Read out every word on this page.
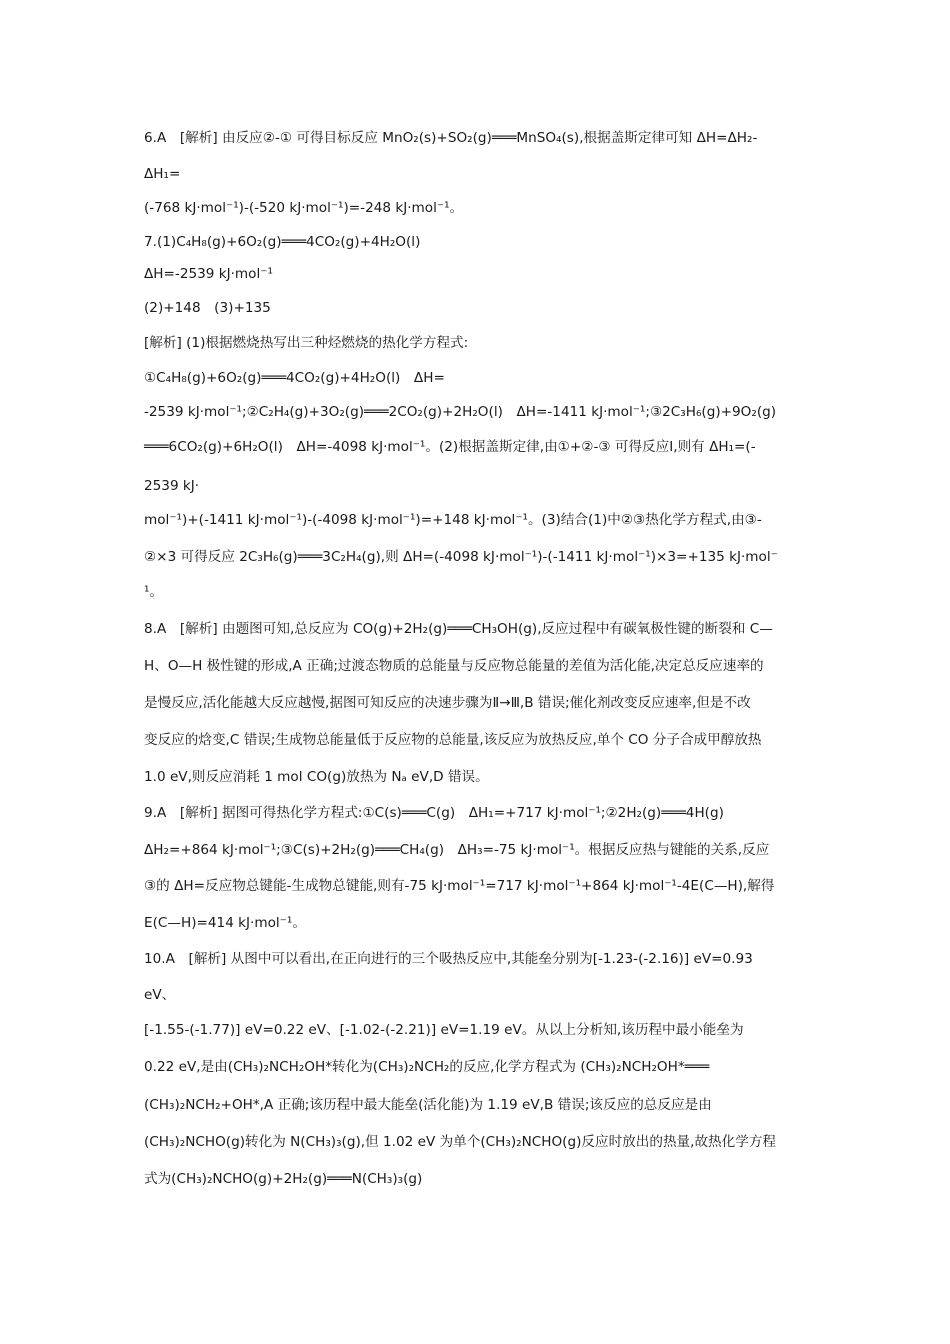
6.A　[解析] 由反应②-① 可得目标反应 MnO₂(s)+SO₂(g)═══MnSO₄(s),根据盖斯定律可知 ΔH=ΔH₂-
ΔH₁=
(-768 kJ·mol⁻¹)-(-520 kJ·mol⁻¹)=-248 kJ·mol⁻¹。
7.(1)C₄H₈(g)+6O₂(g)═══4CO₂(g)+4H₂O(l)
ΔH=-2539 kJ·mol⁻¹
(2)+148　(3)+135
[解析] (1)根据燃烧热写出三种烃燃烧的热化学方程式:
①C₄H₈(g)+6O₂(g)═══4CO₂(g)+4H₂O(l)　ΔH=
-2539 kJ·mol⁻¹;②C₂H₄(g)+3O₂(g)═══2CO₂(g)+2H₂O(l)　ΔH=-1411 kJ·mol⁻¹;③2C₃H₆(g)+9O₂(g)
═══6CO₂(g)+6H₂O(l)　ΔH=-4098 kJ·mol⁻¹。(2)根据盖斯定律,由①+②-③ 可得反应Ⅰ,则有 ΔH₁=(-
2539 kJ·
mol⁻¹)+(-1411 kJ·mol⁻¹)-(-4098 kJ·mol⁻¹)=+148 kJ·mol⁻¹。(3)结合(1)中②③热化学方程式,由③-
②×3 可得反应 2C₃H₆(g)═══3C₂H₄(g),则 ΔH=(-4098 kJ·mol⁻¹)-(-1411 kJ·mol⁻¹)×3=+135 kJ·mol⁻
¹。
8.A　[解析] 由题图可知,总反应为 CO(g)+2H₂(g)═══CH₃OH(g),反应过程中有碳氧极性键的断裂和 C—
H、O—H 极性键的形成,A 正确;过渡态物质的总能量与反应物总能量的差值为活化能,决定总反应速率的
是慢反应,活化能越大反应越慢,据图可知反应的决速步骤为Ⅱ→Ⅲ,B 错误;催化剂改变反应速率,但是不改
变反应的焓变,C 错误;生成物总能量低于反应物的总能量,该反应为放热反应,单个 CO 分子合成甲醇放热
1.0 eV,则反应消耗 1 mol CO(g)放热为 Nₐ eV,D 错误。
9.A　[解析] 据图可得热化学方程式:①C(s)═══C(g)　ΔH₁=+717 kJ·mol⁻¹;②2H₂(g)═══4H(g)
ΔH₂=+864 kJ·mol⁻¹;③C(s)+2H₂(g)═══CH₄(g)　ΔH₃=-75 kJ·mol⁻¹。根据反应热与键能的关系,反应
③的 ΔH=反应物总键能-生成物总键能,则有-75 kJ·mol⁻¹=717 kJ·mol⁻¹+864 kJ·mol⁻¹-4E(C—H),解得
E(C—H)=414 kJ·mol⁻¹。
10.A　[解析] 从图中可以看出,在正向进行的三个吸热反应中,其能垒分别为[-1.23-(-2.16)] eV=0.93
eV、
[-1.55-(-1.77)] eV=0.22 eV、[-1.02-(-2.21)] eV=1.19 eV。从以上分析知,该历程中最小能垒为
0.22 eV,是由(CH₃)₂NCH₂OH*转化为(CH₃)₂NCH₂的反应,化学方程式为 (CH₃)₂NCH₂OH*═══
(CH₃)₂NCH₂+OH*,A 正确;该历程中最大能垒(活化能)为 1.19 eV,B 错误;该反应的总反应是由
(CH₃)₂NCHO(g)转化为 N(CH₃)₃(g),但 1.02 eV 为单个(CH₃)₂NCHO(g)反应时放出的热量,故热化学方程
式为(CH₃)₂NCHO(g)+2H₂(g)═══N(CH₃)₃(g)
